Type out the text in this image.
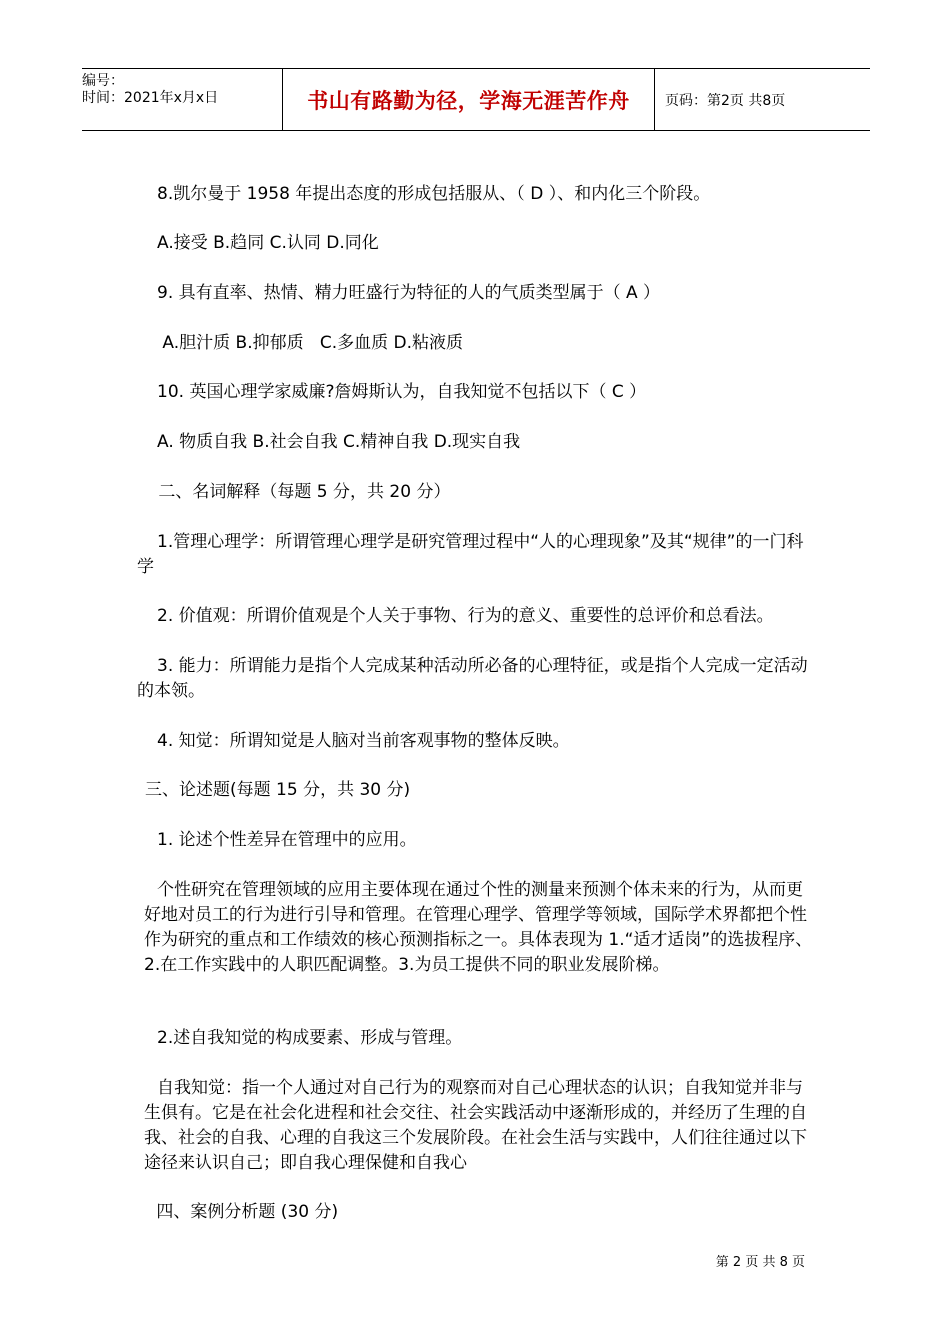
编号：
时间：2021年x月x日	书山有路勤为径，学海无涯苦作舟	页码：第2页 共8页
8.凯尔曼于 1958 年提出态度的形成包括服从、（ D ）、和内化三个阶段。
A.接受 B.趋同 C.认同 D.同化
9. 具有直率、热情、精力旺盛行为特征的人的气质类型属于（ A ）
A.胆汁质 B.抑郁质   C.多血质 D.粘液质
10. 英国心理学家威廉?詹姆斯认为，自我知觉不包括以下（ C ）
A. 物质自我 B.社会自我 C.精神自我 D.现实自我
二、名词解释（每题 5 分，共 20 分）
1.管理心理学：所谓管理心理学是研究管理过程中“人的心理现象”及其“规律”的一门科学
2. 价值观：所谓价值观是个人关于事物、行为的意义、重要性的总评价和总看法。
3. 能力：所谓能力是指个人完成某种活动所必备的心理特征，或是指个人完成一定活动的本领。
4. 知觉：所谓知觉是人脑对当前客观事物的整体反映。
三、论述题(每题 15 分，共 30 分)
1. 论述个性差异在管理中的应用。
个性研究在管理领域的应用主要体现在通过个性的测量来预测个体未来的行为，从而更好地对员工的行为进行引导和管理。在管理心理学、管理学等领域，国际学术界都把个性作为研究的重点和工作绩效的核心预测指标之一。具体表现为 1.“适才适岗”的选拔程序、2.在工作实践中的人职匹配调整。3.为员工提供不同的职业发展阶梯。
2.述自我知觉的构成要素、形成与管理。
自我知觉：指一个人通过对自己行为的观察而对自己心理状态的认识；自我知觉并非与生俱有。它是在社会化进程和社会交往、社会实践活动中逐渐形成的，并经历了生理的自我、社会的自我、心理的自我这三个发展阶段。在社会生活与实践中，人们往往通过以下途径来认识自己；即自我心理保健和自我心
四、案例分析题 (30 分)
第 2 页 共 8 页
